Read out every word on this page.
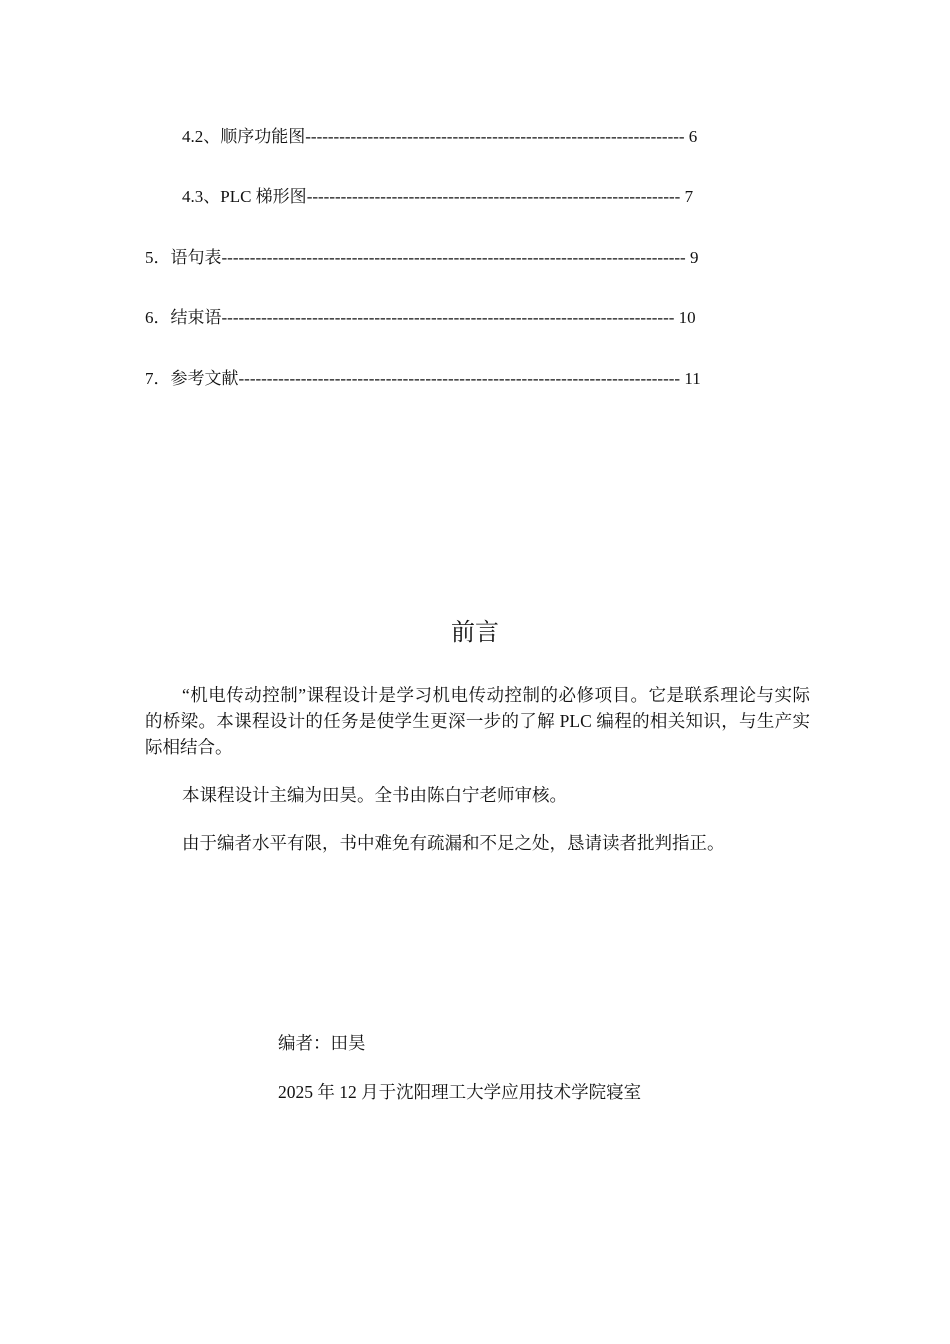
4.2、顺序功能图------------------------------------------------------------------- 6
4.3、PLC 梯形图------------------------------------------------------------------ 7
5．语句表---------------------------------------------------------------------------------- 9
6．结束语-------------------------------------------------------------------------------- 10
7．参考文献------------------------------------------------------------------------------ 11
前言
“机电传动控制”课程设计是学习机电传动控制的必修项目。它是联系理论与实际的桥梁。本课程设计的任务是使学生更深一步的了解 PLC 编程的相关知识，与生产实际相结合。
本课程设计主编为田昊。全书由陈白宁老师审核。
由于编者水平有限，书中难免有疏漏和不足之处，恳请读者批判指正。
编者：田昊
2025 年 12 月于沈阳理工大学应用技术学院寝室
